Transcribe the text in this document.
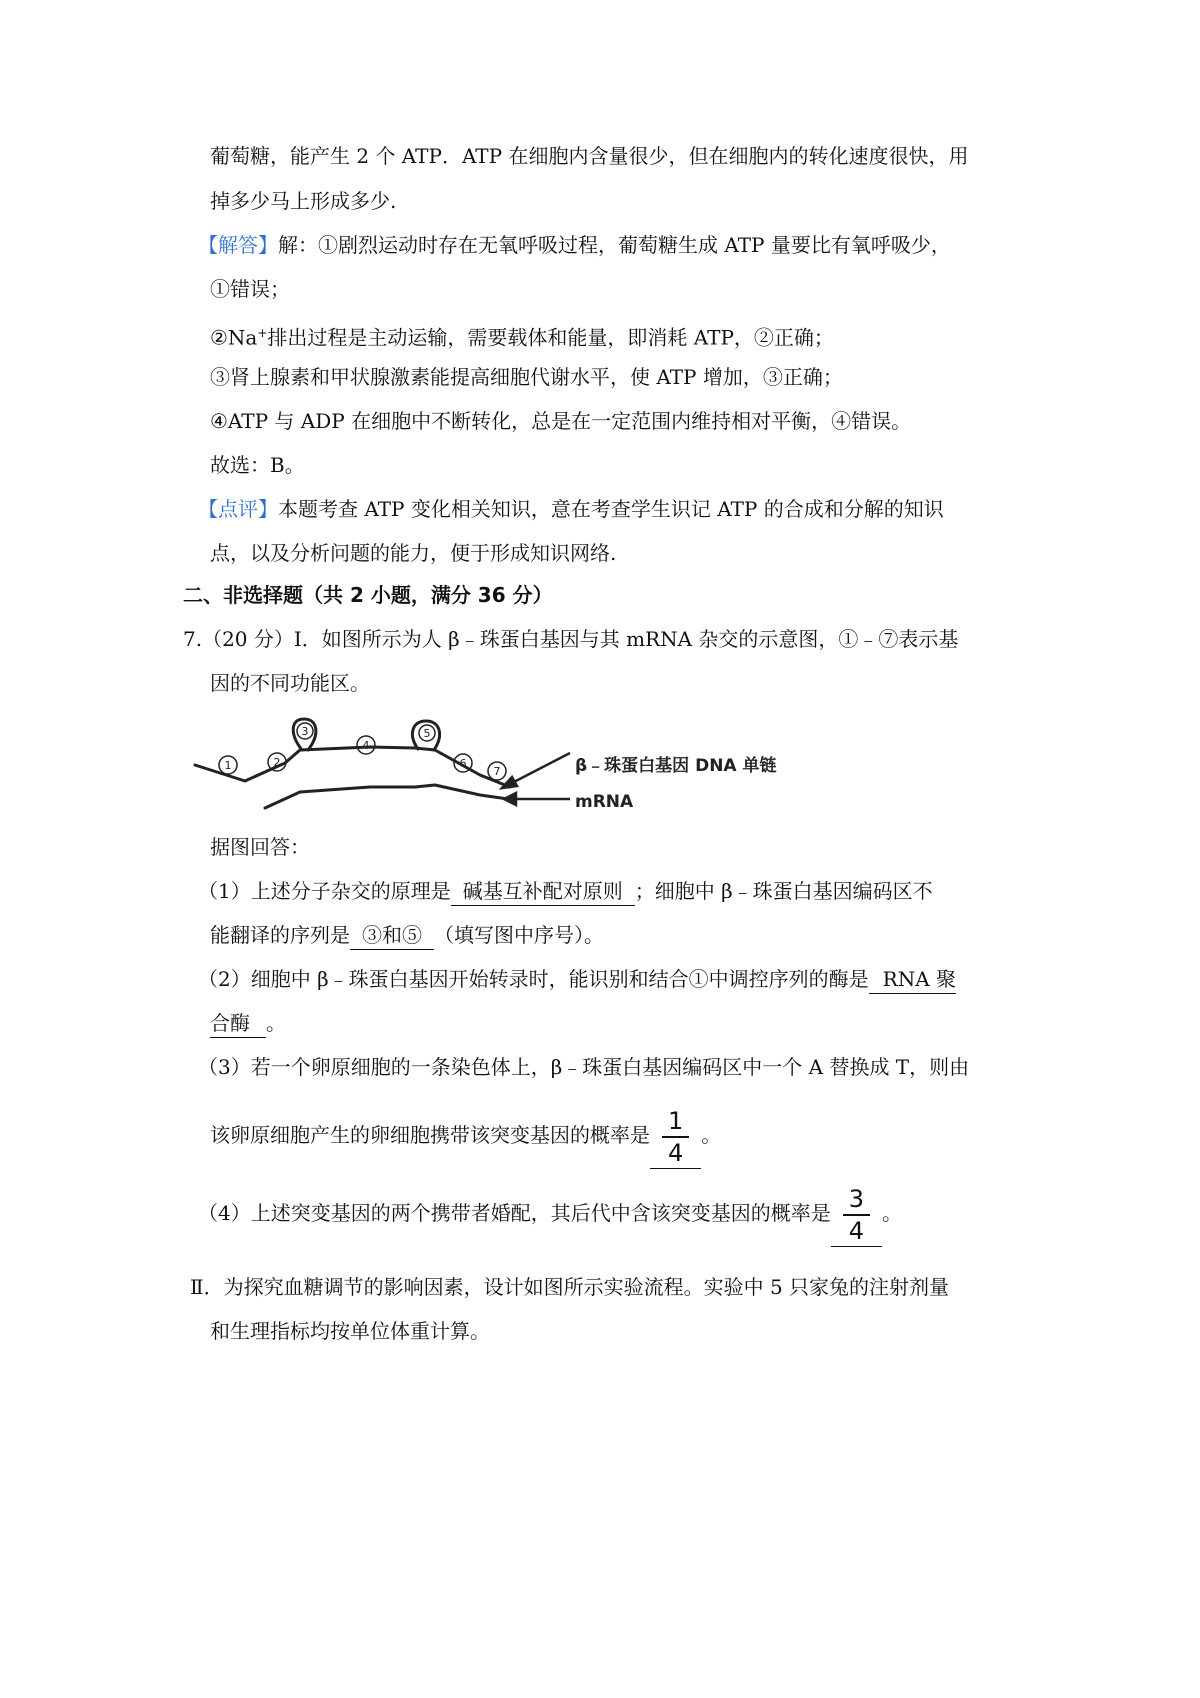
葡萄糖，能产生 2 个 ATP．ATP 在细胞内含量很少，但在细胞内的转化速度很快，用
掉多少马上形成多少.
【解答】解：①剧烈运动时存在无氧呼吸过程，葡萄糖生成 ATP 量要比有氧呼吸少，
①错误；
②Na+排出过程是主动运输，需要载体和能量，即消耗 ATP，②正确；
③肾上腺素和甲状腺激素能提高细胞代谢水平，使 ATP 增加，③正确；
④ATP 与 ADP 在细胞中不断转化，总是在一定范围内维持相对平衡，④错误。
故选：B。
【点评】本题考查 ATP 变化相关知识，意在考查学生识记 ATP 的合成和分解的知识
点，以及分析问题的能力，便于形成知识网络.
二、非选择题（共 2 小题，满分 36 分）
7.（20 分）Ⅰ．如图所示为人 β﹣珠蛋白基因与其 mRNA 杂交的示意图，①﹣⑦表示基
因的不同功能区。
β﹣珠蛋白基因 DNA 单链
mRNA
1	2
3
4
5
6
7
据图回答：
（1）上述分子杂交的原理是 碱基互补配对原则 ；细胞中 β﹣珠蛋白基因编码区不
能翻译的序列是 ③和⑤ （填写图中序号）。
（2）细胞中 β﹣珠蛋白基因开始转录时，能识别和结合①中调控序列的酶是 RNA 聚
合酶 。
（3）若一个卵原细胞的一条染色体上，β﹣珠蛋白基因编码区中一个 A 替换成 T，则由
该卵原细胞产生的卵细胞携带该突变基因的概率是 $\frac{1}{4}$ 。
（4）上述突变基因的两个携带者婚配，其后代中含该突变基因的概率是 $\frac{3}{4}$ 。
Ⅱ．为探究血糖调节的影响因素，设计如图所示实验流程。实验中 5 只家兔的注射剂量
和生理指标均按单位体重计算。
